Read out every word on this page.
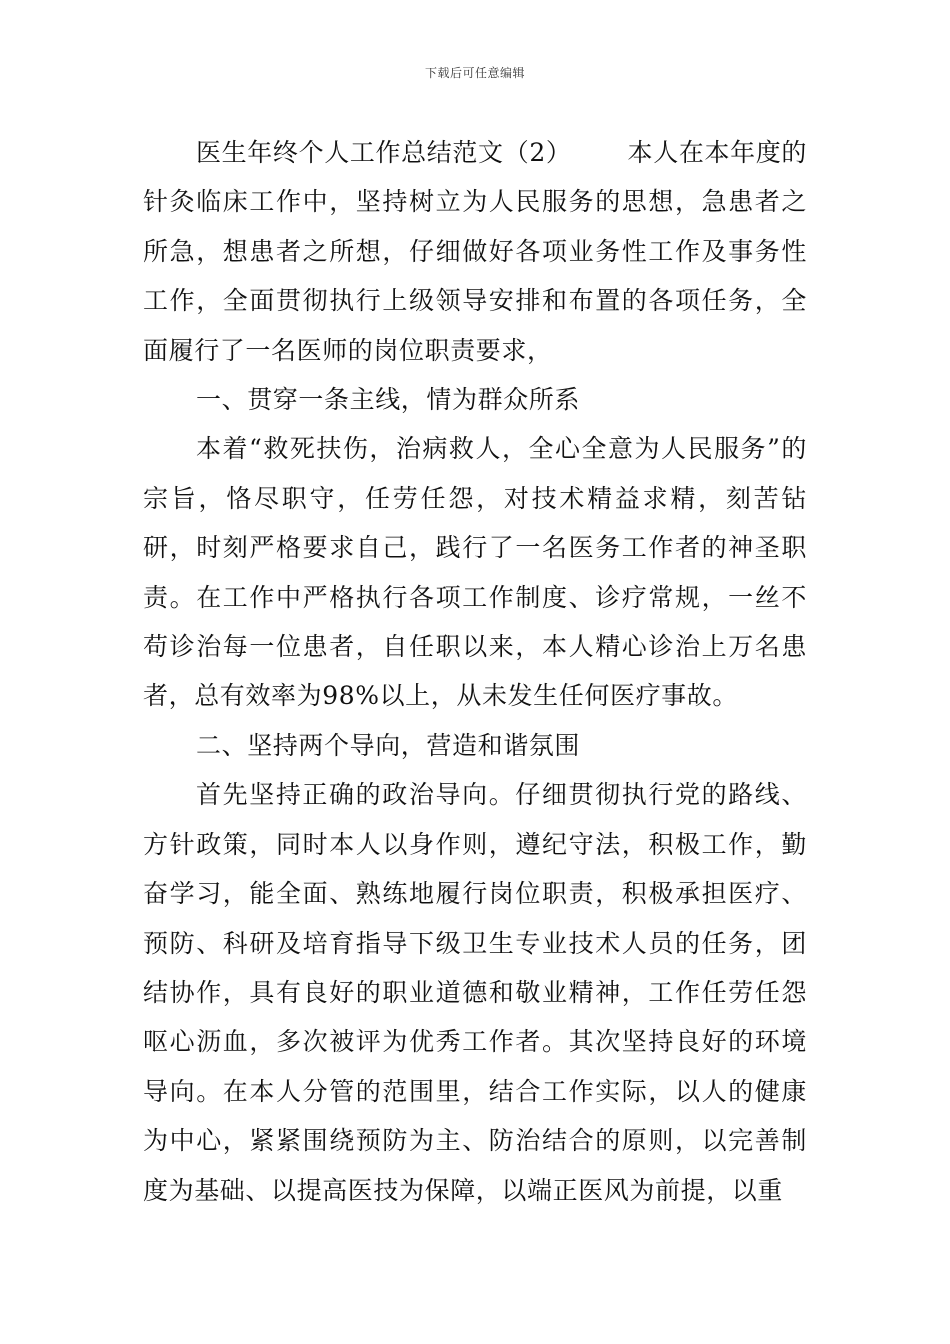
下载后可任意编辑

医生年终个人工作总结范文（2） 本人在本年度的针灸临床工作中，坚持树立为人民服务的思想，急患者之所急，想患者之所想，仔细做好各项业务性工作及事务性工作，全面贯彻执行上级领导安排和布置的各项任务，全面履行了一名医师的岗位职责要求，

一、贯穿一条主线，情为群众所系

本着“救死扶伤，治病救人，全心全意为人民服务”的宗旨，恪尽职守，任劳任怨，对技术精益求精，刻苦钻研，时刻严格要求自己，践行了一名医务工作者的神圣职责。在工作中严格执行各项工作制度、诊疗常规，一丝不苟诊治每一位患者，自任职以来，本人精心诊治上万名患者，总有效率为98%以上，从未发生任何医疗事故。

二、坚持两个导向，营造和谐氛围

首先坚持正确的政治导向。仔细贯彻执行党的路线、方针政策，同时本人以身作则，遵纪守法，积极工作，勤奋学习，能全面、熟练地履行岗位职责，积极承担医疗、预防、科研及培育指导下级卫生专业技术人员的任务，团结协作，具有良好的职业道德和敬业精神，工作任劳任怨呕心沥血，多次被评为优秀工作者。其次坚持良好的环境导向。在本人分管的范围里，结合工作实际，以人的健康为中心，紧紧围绕预防为主、防治结合的原则，以完善制度为基础、以提高医技为保障，以端正医风为前提，以重
